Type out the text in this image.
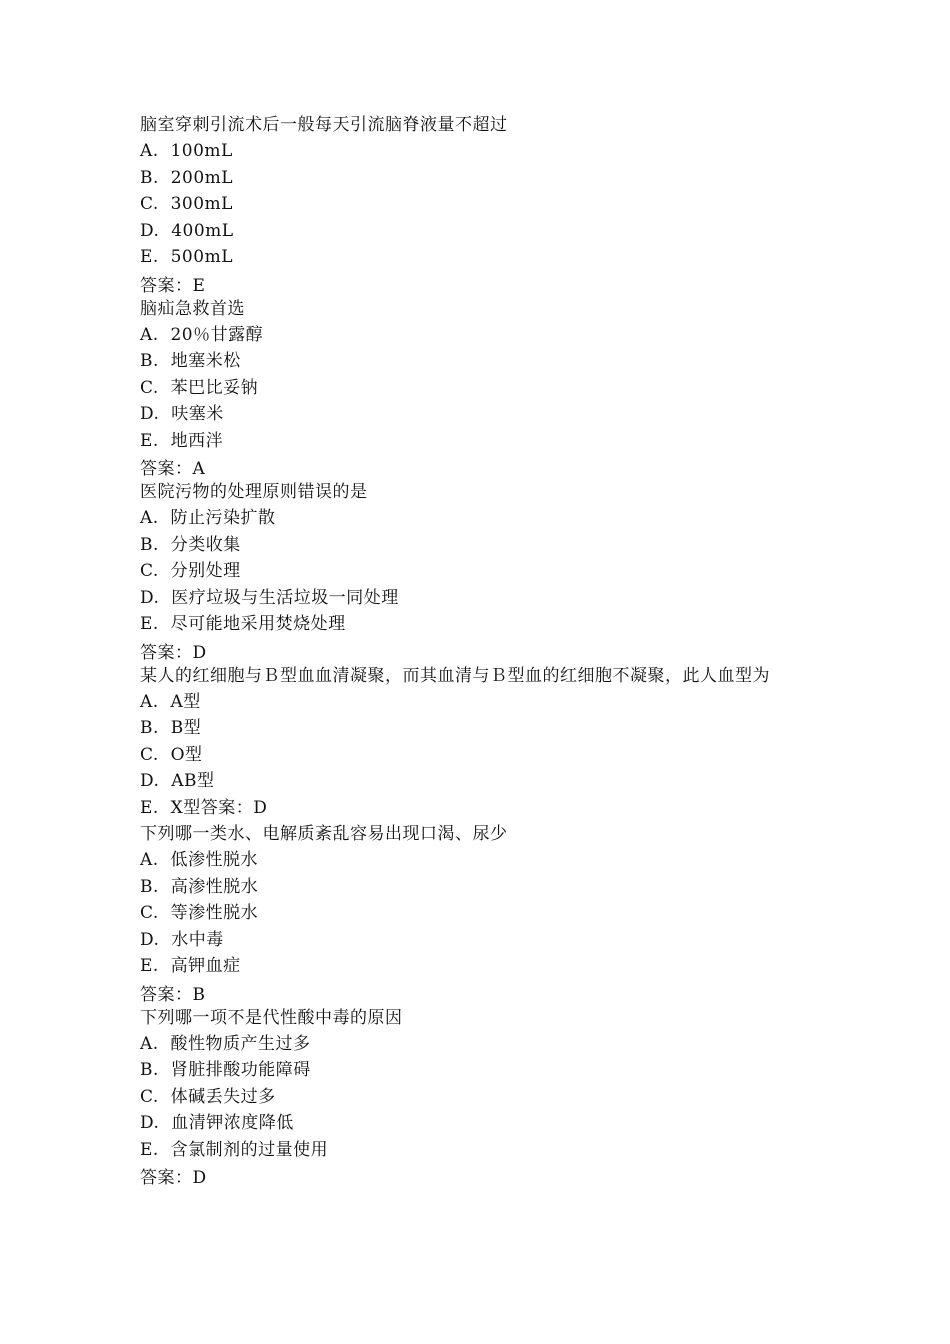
脑室穿刺引流术后一般每天引流脑脊液量不超过
A.  100mL
B.  200mL
C.  300mL
D.  400mL
E.  500mL
答案：E
脑疝急救首选
A.  20％甘露醇
B.  地塞米松
C.  苯巴比妥钠
D.  呋塞米
E.  地西泮
答案：A
医院污物的处理原则错误的是
A.  防止污染扩散
B.  分类收集
C.  分别处理
D.  医疗垃圾与生活垃圾一同处理
E.  尽可能地采用焚烧处理
答案：D
某人的红细胞与Ｂ型血血清凝聚，而其血清与Ｂ型血的红细胞不凝聚，此人血型为
A.  A型
B.  B型
C.  O型
D.  AB型
E.  X型答案：D
下列哪一类水、电解质紊乱容易出现口渴、尿少
A.  低渗性脱水
B.  高渗性脱水
C.  等渗性脱水
D.  水中毒
E.  高钾血症
答案：B
下列哪一项不是代性酸中毒的原因
A.  酸性物质产生过多
B.  肾脏排酸功能障碍
C.  体碱丢失过多
D.  血清钾浓度降低
E.  含氯制剂的过量使用
答案：D
